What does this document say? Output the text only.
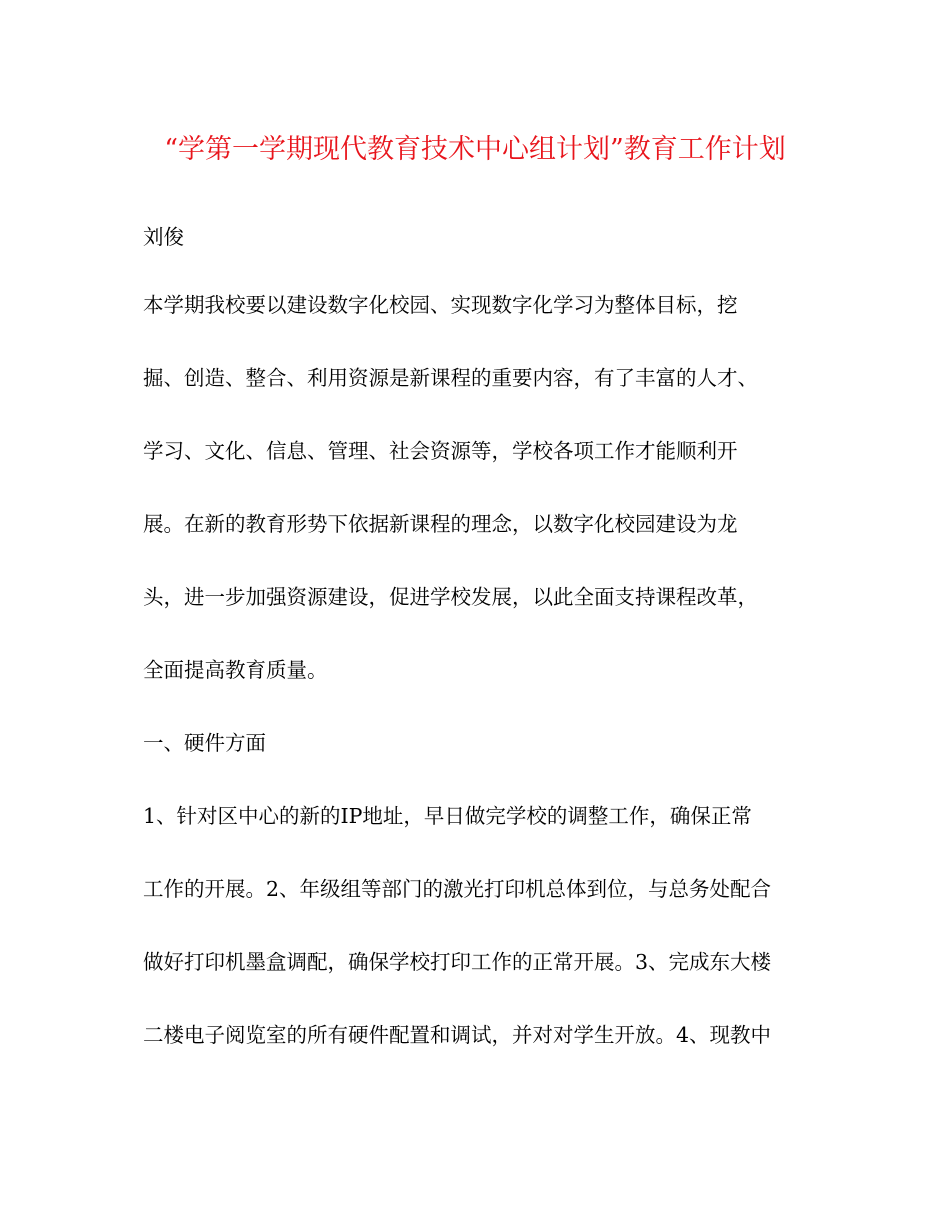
“学第一学期现代教育技术中心组计划”教育工作计划
刘俊
本学期我校要以建设数字化校园、实现数字化学习为整体目标，挖
掘、创造、整合、利用资源是新课程的重要内容，有了丰富的人才、
学习、文化、信息、管理、社会资源等，学校各项工作才能顺利开
展。在新的教育形势下依据新课程的理念，以数字化校园建设为龙
头，进一步加强资源建设，促进学校发展，以此全面支持课程改革，
全面提高教育质量。
一、硬件方面
1、针对区中心的新的IP地址，早日做完学校的调整工作，确保正常
工作的开展。2、年级组等部门的激光打印机总体到位，与总务处配合
做好打印机墨盒调配，确保学校打印工作的正常开展。3、完成东大楼
二楼电子阅览室的所有硬件配置和调试，并对对学生开放。4、现教中
